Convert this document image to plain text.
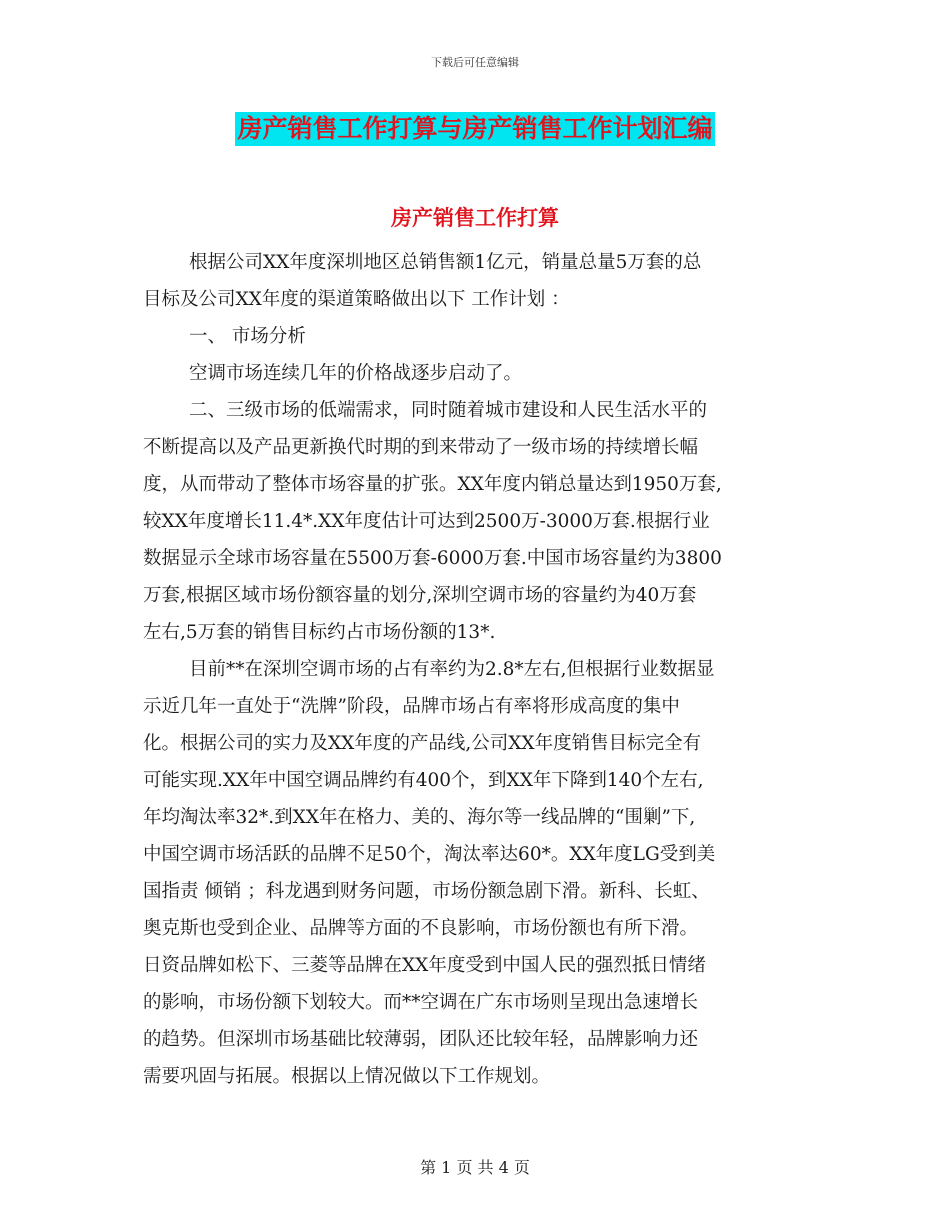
下载后可任意编辑
房产销售工作打算与房产销售工作计划汇编
房产销售工作打算
根据公司XX年度深圳地区总销售额1亿元，销量总量5万套的总
目标及公司XX年度的渠道策略做出以下 工作计划 ：
一、 市场分析
空调市场连续几年的价格战逐步启动了。
二、三级市场的低端需求，同时随着城市建设和人民生活水平的
不断提高以及产品更新换代时期的到来带动了一级市场的持续增长幅
度，从而带动了整体市场容量的扩张。XX年度内销总量达到1950万套,
较XX年度增长11.4*.XX年度估计可达到2500万-3000万套.根据行业
数据显示全球市场容量在5500万套-6000万套.中国市场容量约为3800
万套,根据区域市场份额容量的划分,深圳空调市场的容量约为40万套
左右,5万套的销售目标约占市场份额的13*.
目前**在深圳空调市场的占有率约为2.8*左右,但根据行业数据显
示近几年一直处于“洗牌”阶段，品牌市场占有率将形成高度的集中
化。根据公司的实力及XX年度的产品线,公司XX年度销售目标完全有
可能实现.XX年中国空调品牌约有400个，到XX年下降到140个左右,
年均淘汰率32*.到XX年在格力、美的、海尔等一线品牌的“围剿”下,
中国空调市场活跃的品牌不足50个，淘汰率达60*。XX年度LG受到美
国指责 倾销 ；科龙遇到财务问题，市场份额急剧下滑。新科、长虹、
奥克斯也受到企业、品牌等方面的不良影响，市场份额也有所下滑。
日资品牌如松下、三菱等品牌在XX年度受到中国人民的强烈抵日情绪
的影响，市场份额下划较大。而**空调在广东市场则呈现出急速增长
的趋势。但深圳市场基础比较薄弱，团队还比较年轻，品牌影响力还
需要巩固与拓展。根据以上情况做以下工作规划。
第 1 页 共 4 页
